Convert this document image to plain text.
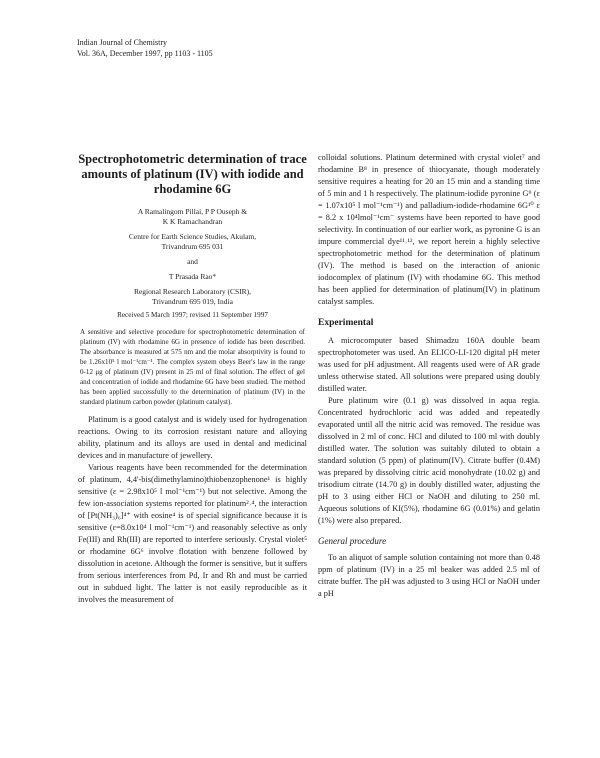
Indian Journal of Chemistry
Vol. 36A, December 1997, pp 1103 - 1105
Spectrophotometric determination of trace amounts of platinum (IV) with iodide and rhodamine 6G

A Ramalingom Pillai, P P Ouseph &

K K Ramachandran

Centre for Earth Science Studies, Akulam,

Trivandrum 695 031

and

T Prasada Rao*

Regional Research Laboratory (CSIR),

Trivandrum 695 019, India

Received 5 March 1997; revised 11 September 1997

A sensitive and selective procedure for spectrophotometric determination of platinum (IV) with rhodamine 6G in presence of iodide has been described. The absorbance is measured at 575 nm and the molar absorptivity is found to be 1.26x10⁵ l mol⁻¹cm⁻¹. The complex system obeys Beer's law in the range 0-12 μg of platinum (IV) present in 25 ml of final solution. The effect of gel and concentration of iodide and rhodamine 6G have been studied. The method has been applied successfully to the determination of platinum (IV) in the standard platinum carbon powder (platinum catalyst).

Platinum is a good catalyst and is widely used for hydrogenation reactions. Owing to its corrosion resistant nature and alloying ability, platinum and its alloys are used in dental and medicinal devices and in manufacture of jewellery.

Various reagents have been recommended for the determination of platinum, 4,4'-bis(dimethylamino)thiobenzophenone¹ is highly sensitive (ε = 2.98x10⁵ l mol⁻¹cm⁻¹) but not selective. Among the few ion-association systems reported for platinum²˒⁴, the interaction of [Pt(NH₃)₆]⁴⁺ with eosine⁴ is of special significance because it is sensitive (ε=8.0x10⁴ l mol⁻¹cm⁻¹) and reasonably selective as only Fe(III) and Rh(III) are reported to interfere seriously. Crystal violet⁵ or rhodamine 6G⁶ involve flotation with benzene followed by dissolution in acetone. Although the former is sensitive, but it suffers from serious interferences from Pd, Ir and Rh and must be carried out in subdued light. The latter is not easily reproducible as it involves the measurement of

colloidal solutions. Platinum determined with crystal violet⁷ and rhodamine B⁸ in presence of thiocyanate, though moderately sensitive requires a heating for 20 an 15 min and a standing time of 5 min and 1 h respectively. The platinum-iodide pyronine G⁹ (ε = 1.07x10⁵ l mol⁻¹cm⁻¹) and palladium-iodide-rhodamine 6G¹⁰ ε = 8.2 x 10⁴lmol⁻¹cm⁻ systems have been reported to have good selectivity. In continuation of our earlier work, as pyronine G is an impure commercial dye¹¹˒¹², we report herein a highly selective spectrophotometric method for the determination of platinum (IV). The method is based on the interaction of anionic iodocomplex of platinum (IV) with rhodamine 6G. This method has been applied for determination of platinum(IV) in platinum catalyst samples.

Experimental

A microcomputer based Shimadzu 160A double beam spectrophotometer was used. An ELICO-LI-120 digital pH meter was used for pH adjustment. All reagents used were of AR grade unless otherwise stated. All solutions were prepared using doubly distilled water.

Pure platinum wire (0.1 g) was dissolved in aqua regia. Concentrated hydrochloric acid was added and repeatedly evaporated until all the nitric acid was removed. The residue was dissolved in 2 ml of conc. HCl and diluted to 100 ml with doubly distilled water. The solution was suitably diluted to obtain a standard solution (5 ppm) of platinum(IV). Citrate buffer (0.4M) was prepared by dissolving citric acid monohydrate (10.02 g) and trisodium citrate (14.70 g) in doubly distilled water, adjusting the pH to 3 using either HCl or NaOH and diluting to 250 ml. Aqueous solutions of KI(5%), rhodamine 6G (0.01%) and gelatin (1%) were also prepared.

General procedure

To an aliquot of sample solution containing not more than 0.48 ppm of platinum (IV) in a 25 ml beaker was added 2.5 ml of citrate buffer. The pH was adjusted to 3 using HCl or NaOH under a pH
